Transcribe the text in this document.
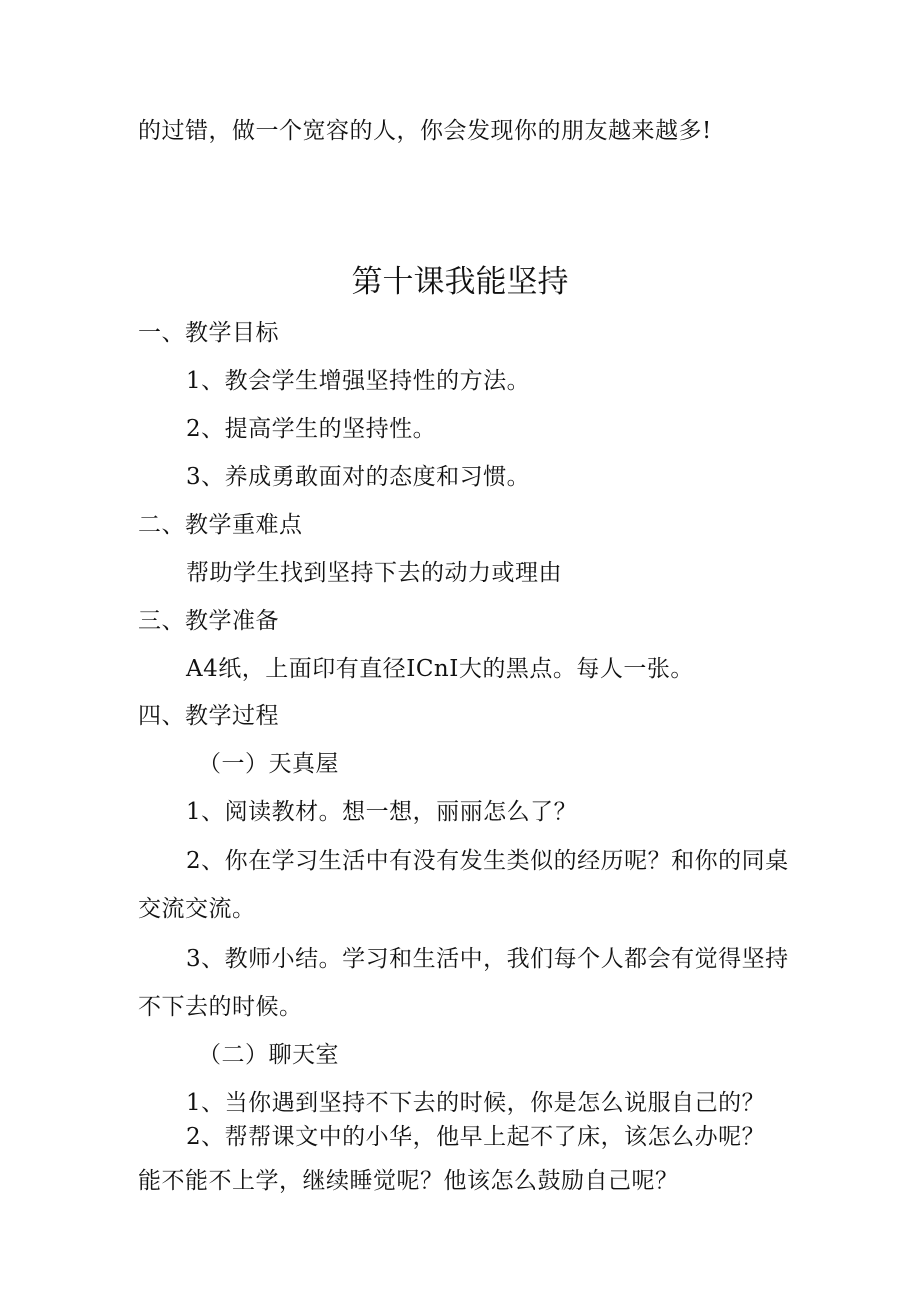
的过错，做一个宽容的人，你会发现你的朋友越来越多!
第十课我能坚持
一、教学目标
1、教会学生增强坚持性的方法。
2、提高学生的坚持性。
3、养成勇敢面对的态度和习惯。
二、教学重难点
帮助学生找到坚持下去的动力或理由
三、教学准备
A4纸，上面印有直径ICnI大的黑点。每人一张。
四、教学过程
（一）天真屋
1、阅读教材。想一想，丽丽怎么了？
2、你在学习生活中有没有发生类似的经历呢？和你的同桌
交流交流。
3、教师小结。学习和生活中，我们每个人都会有觉得坚持
不下去的时候。
（二）聊天室
1、当你遇到坚持不下去的时候，你是怎么说服自己的？
2、帮帮课文中的小华，他早上起不了床，该怎么办呢？
能不能不上学，继续睡觉呢？他该怎么鼓励自己呢？
